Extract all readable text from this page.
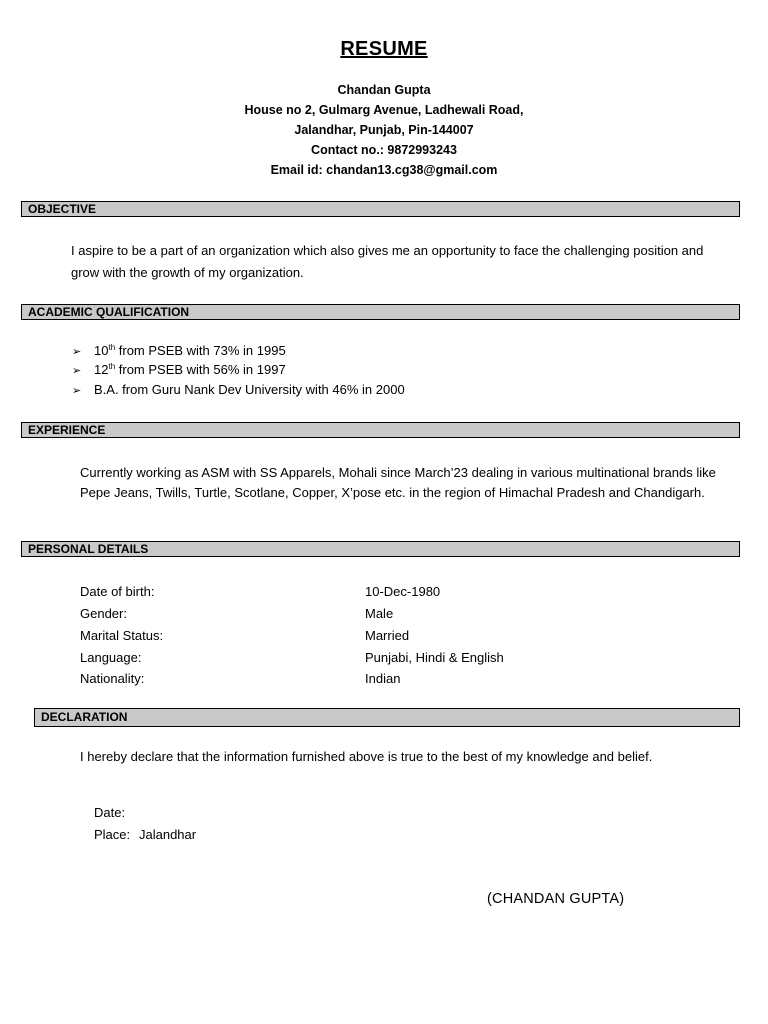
RESUME
Chandan Gupta
House no 2, Gulmarg Avenue, Ladhewali Road,
Jalandhar, Punjab, Pin-144007
Contact no.: 9872993243
Email id: chandan13.cg38@gmail.com
OBJECTIVE
I aspire to be a part of an organization which also gives me an opportunity to face the challenging position and grow with the growth of my organization.
ACADEMIC QUALIFICATION
➢ 10th from PSEB with 73% in 1995
➢ 12th from PSEB with 56% in 1997
➢ B.A. from Guru Nank Dev University with 46% in 2000
EXPERIENCE
Currently working as ASM with SS Apparels, Mohali since March’23 dealing in various multinational brands like Pepe Jeans, Twills, Turtle, Scotlane, Copper, X’pose etc. in the region of Himachal Pradesh and Chandigarh.
PERSONAL DETAILS
Date of birth:	10-Dec-1980
Gender:	Male
Marital Status:	Married
Language:	Punjabi, Hindi & English
Nationality:	Indian
DECLARATION
I hereby declare that the information furnished above is true to the best of my knowledge and belief.
Date:
Place: Jalandhar
(CHANDAN GUPTA)
